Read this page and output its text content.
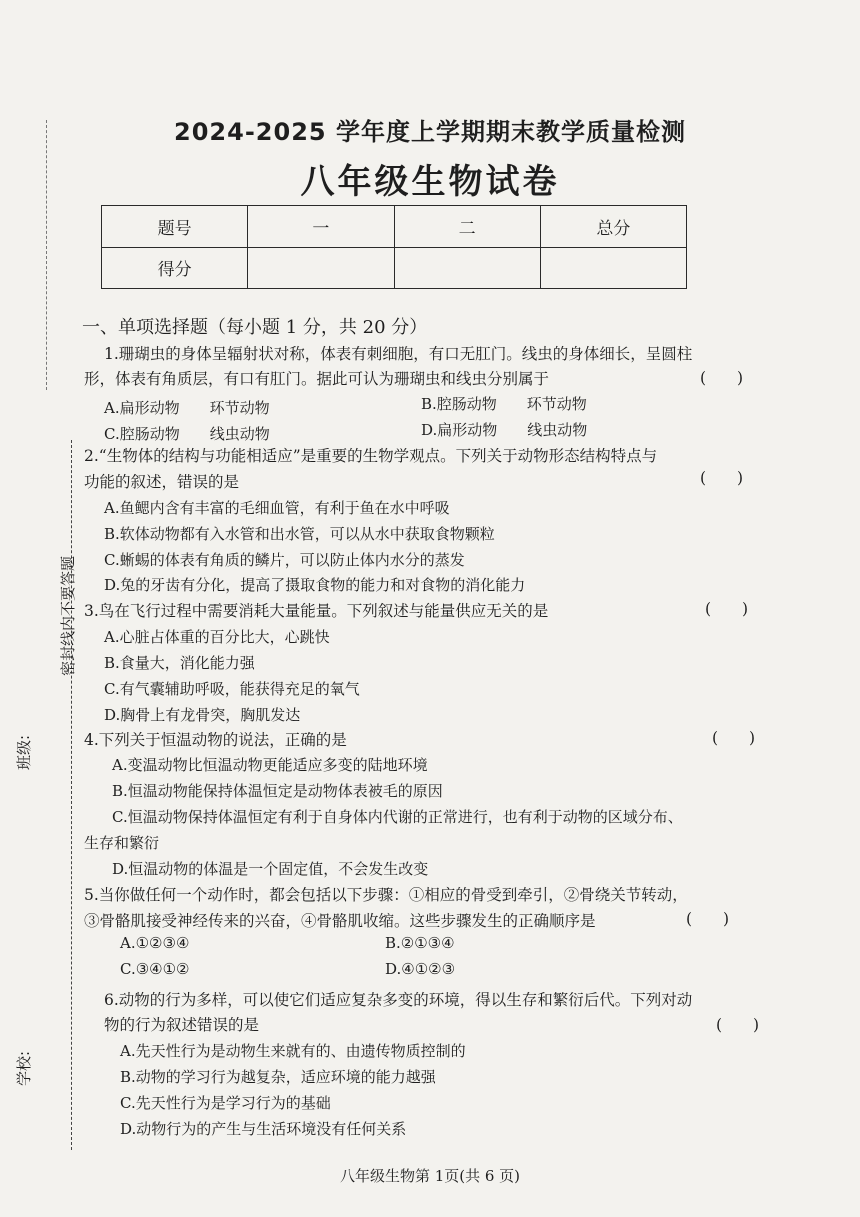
密封线内不要答题
班级:
学校:
2024-2025 学年度上学期期末教学质量检测
八年级生物试卷
题号	一	二	总分
得分			
一、单项选择题（每小题 1 分，共 20 分）
1.珊瑚虫的身体呈辐射状对称，体表有刺细胞，有口无肛门。线虫的身体细长，呈圆柱
形，体表有角质层，有口有肛门。据此可认为珊瑚虫和线虫分别属于	(　　)
A.扁形动物　　环节动物	B.腔肠动物　　环节动物
C.腔肠动物　　线虫动物	D.扁形动物　　线虫动物
2.“生物体的结构与功能相适应”是重要的生物学观点。下列关于动物形态结构特点与
功能的叙述，错误的是	(　　)
A.鱼鳃内含有丰富的毛细血管，有利于鱼在水中呼吸
B.软体动物都有入水管和出水管，可以从水中获取食物颗粒
C.蜥蜴的体表有角质的鳞片，可以防止体内水分的蒸发
D.兔的牙齿有分化，提高了摄取食物的能力和对食物的消化能力
3.鸟在飞行过程中需要消耗大量能量。下列叙述与能量供应无关的是	(　　)
A.心脏占体重的百分比大，心跳快
B.食量大，消化能力强
C.有气囊辅助呼吸，能获得充足的氧气
D.胸骨上有龙骨突，胸肌发达
4.下列关于恒温动物的说法，正确的是	(　　)
A.变温动物比恒温动物更能适应多变的陆地环境
B.恒温动物能保持体温恒定是动物体表被毛的原因
C.恒温动物保持体温恒定有利于自身体内代谢的正常进行，也有利于动物的区域分布、
生存和繁衍
D.恒温动物的体温是一个固定值，不会发生改变
5.当你做任何一个动作时，都会包括以下步骤：①相应的骨受到牵引，②骨绕关节转动，
③骨骼肌接受神经传来的兴奋，④骨骼肌收缩。这些步骤发生的正确顺序是	(　　)
A.①②③④	B.②①③④
C.③④①②	D.④①②③
6.动物的行为多样，可以使它们适应复杂多变的环境，得以生存和繁衍后代。下列对动
物的行为叙述错误的是	(　　)
A.先天性行为是动物生来就有的、由遗传物质控制的
B.动物的学习行为越复杂，适应环境的能力越强
C.先天性行为是学习行为的基础
D.动物行为的产生与生活环境没有任何关系
八年级生物第 1页(共 6 页)
